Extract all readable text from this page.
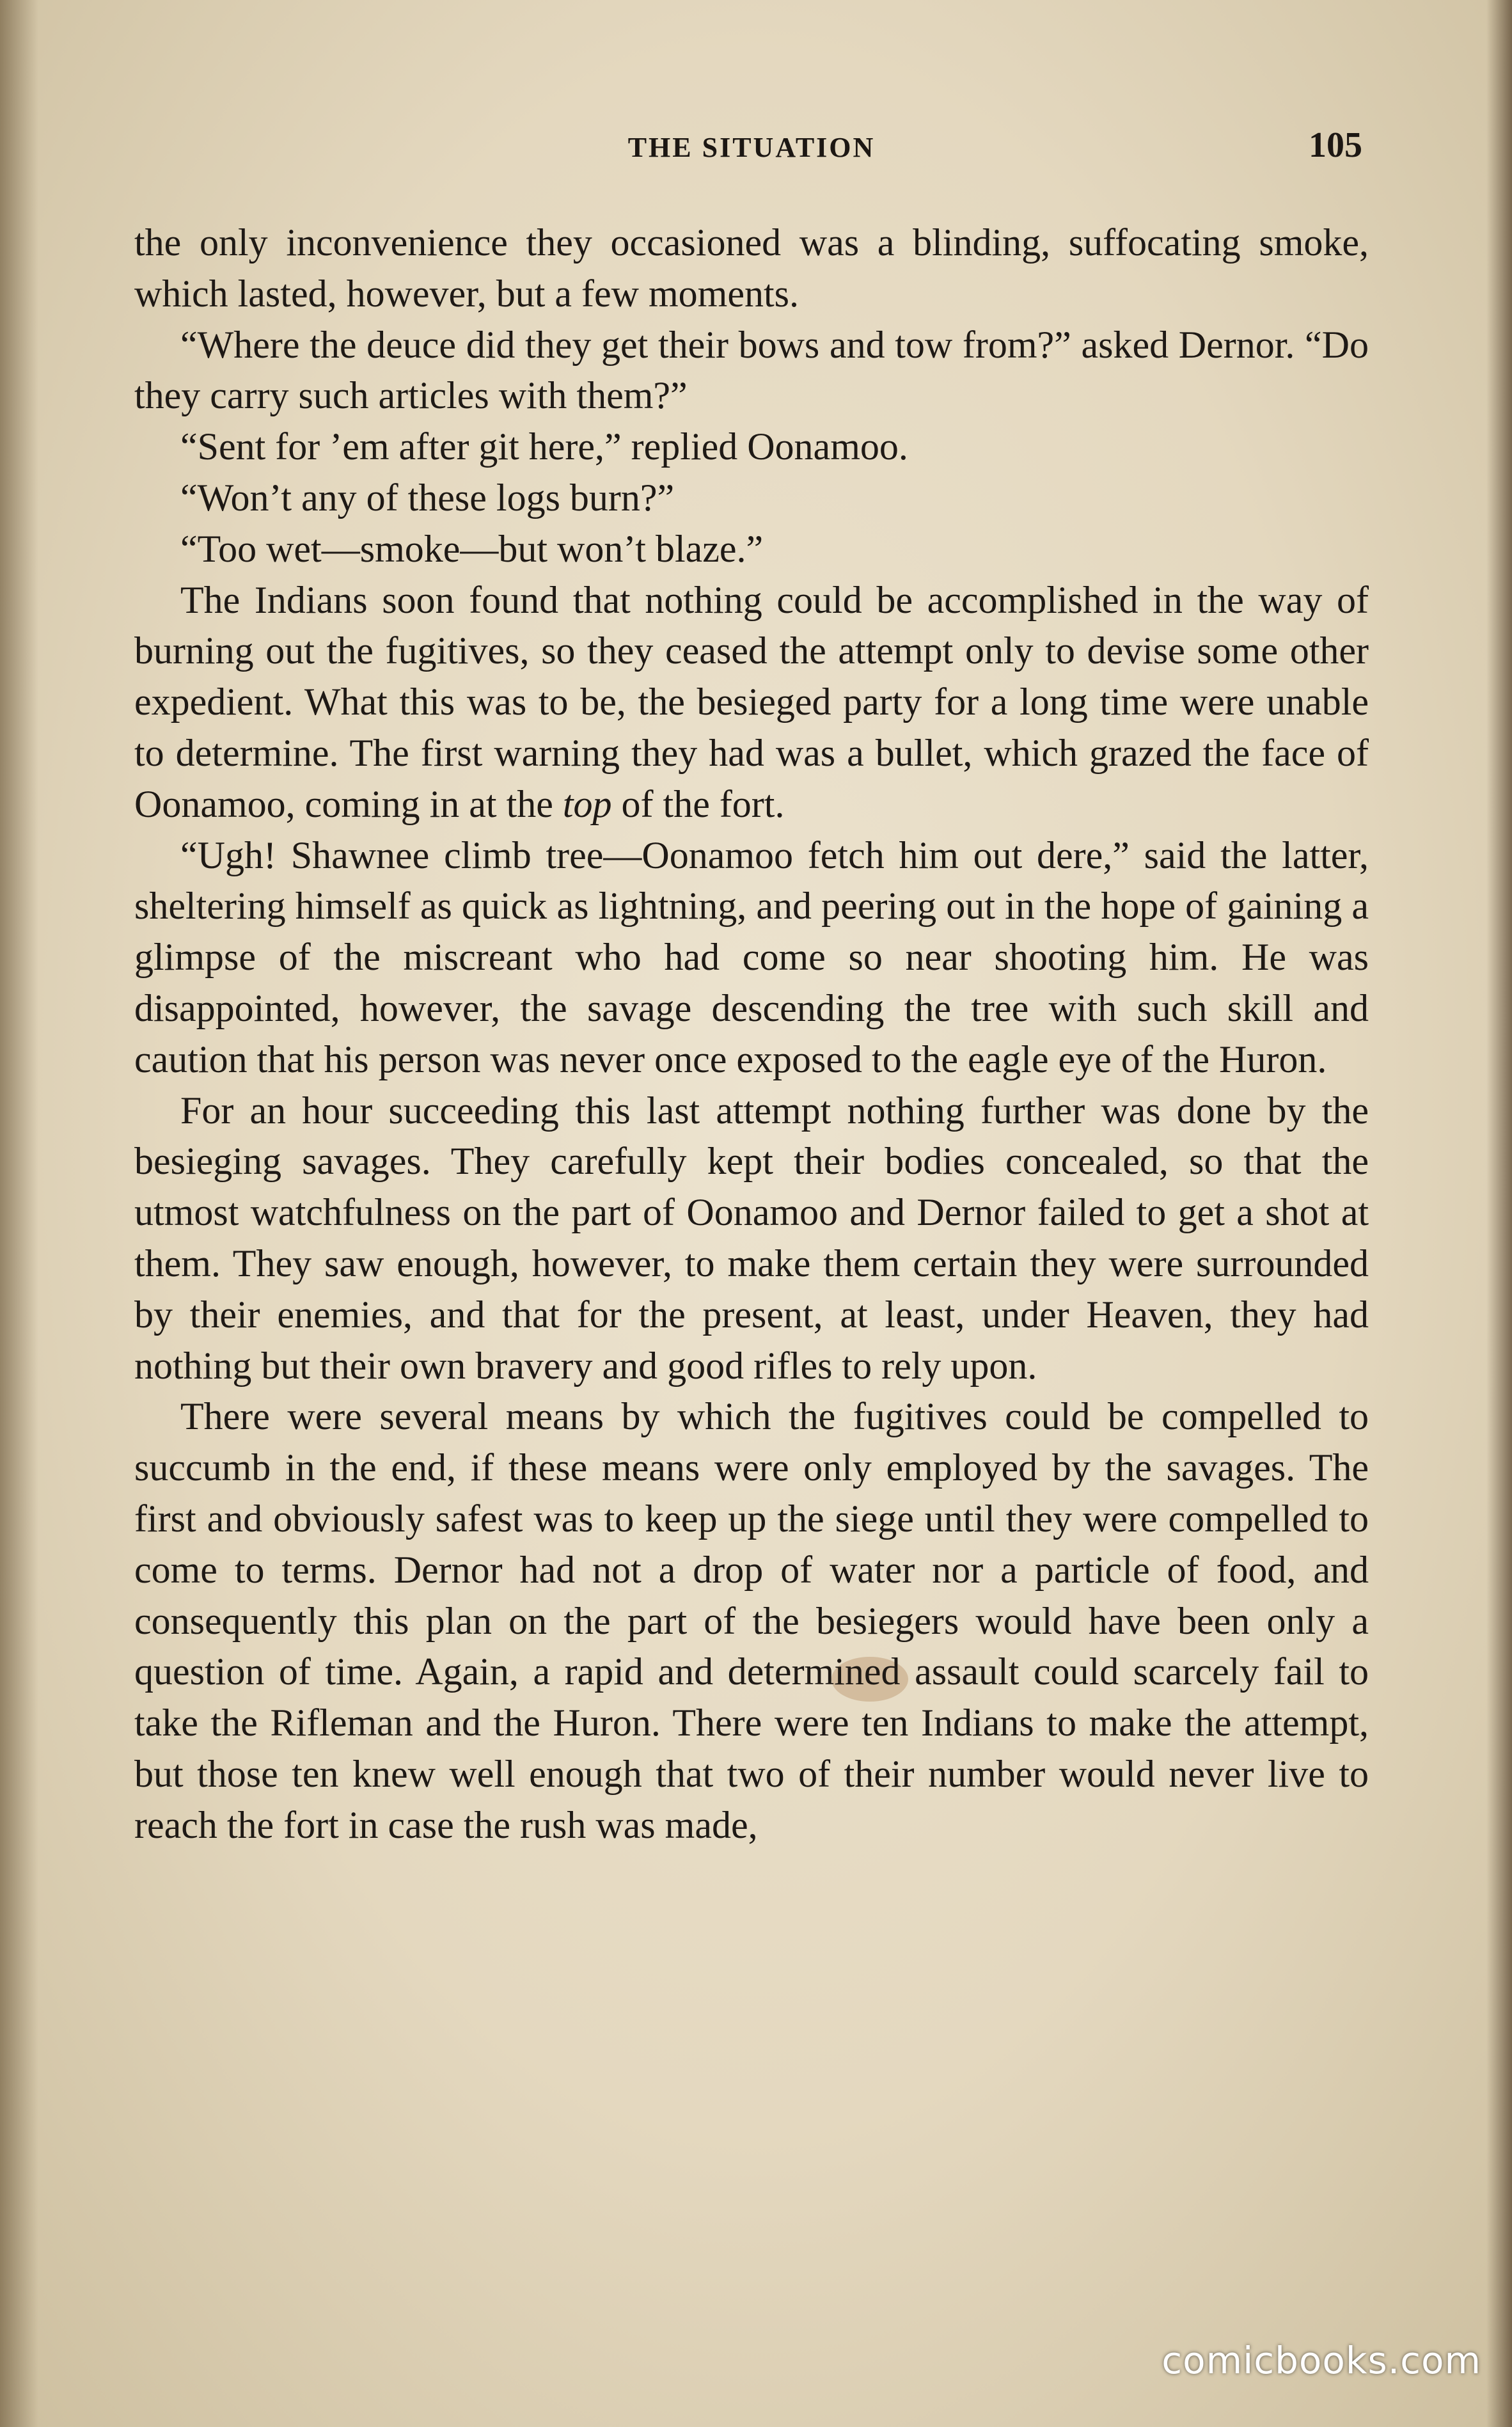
THE SITUATION	105

the only inconvenience they occasioned was a blinding, suffocating smoke, which lasted, however, but a few moments.

“Where the deuce did they get their bows and tow from?” asked Dernor. “Do they carry such articles with them?”

“Sent for ’em after git here,” replied Oonamoo.

“Won’t any of these logs burn?”

“Too wet—smoke—but won’t blaze.”

The Indians soon found that nothing could be accomplished in the way of burning out the fugitives, so they ceased the attempt only to devise some other expedient. What this was to be, the besieged party for a long time were unable to determine. The first warning they had was a bullet, which grazed the face of Oonamoo, coming in at the top of the fort.

“Ugh! Shawnee climb tree—Oonamoo fetch him out dere,” said the latter, sheltering himself as quick as lightning, and peering out in the hope of gaining a glimpse of the miscreant who had come so near shooting him. He was disappointed, however, the savage descending the tree with such skill and caution that his person was never once exposed to the eagle eye of the Huron.

For an hour succeeding this last attempt nothing further was done by the besieging savages. They carefully kept their bodies concealed, so that the utmost watchfulness on the part of Oonamoo and Dernor failed to get a shot at them. They saw enough, however, to make them certain they were surrounded by their enemies, and that for the present, at least, under Heaven, they had nothing but their own bravery and good rifles to rely upon.

There were several means by which the fugitives could be compelled to succumb in the end, if these means were only employed by the savages. The first and obviously safest was to keep up the siege until they were compelled to come to terms. Dernor had not a drop of water nor a particle of food, and consequently this plan on the part of the besiegers would have been only a question of time. Again, a rapid and determined assault could scarcely fail to take the Rifleman and the Huron. There were ten Indians to make the attempt, but those ten knew well enough that two of their number would never live to reach the fort in case the rush was made,

comicbooks.com
